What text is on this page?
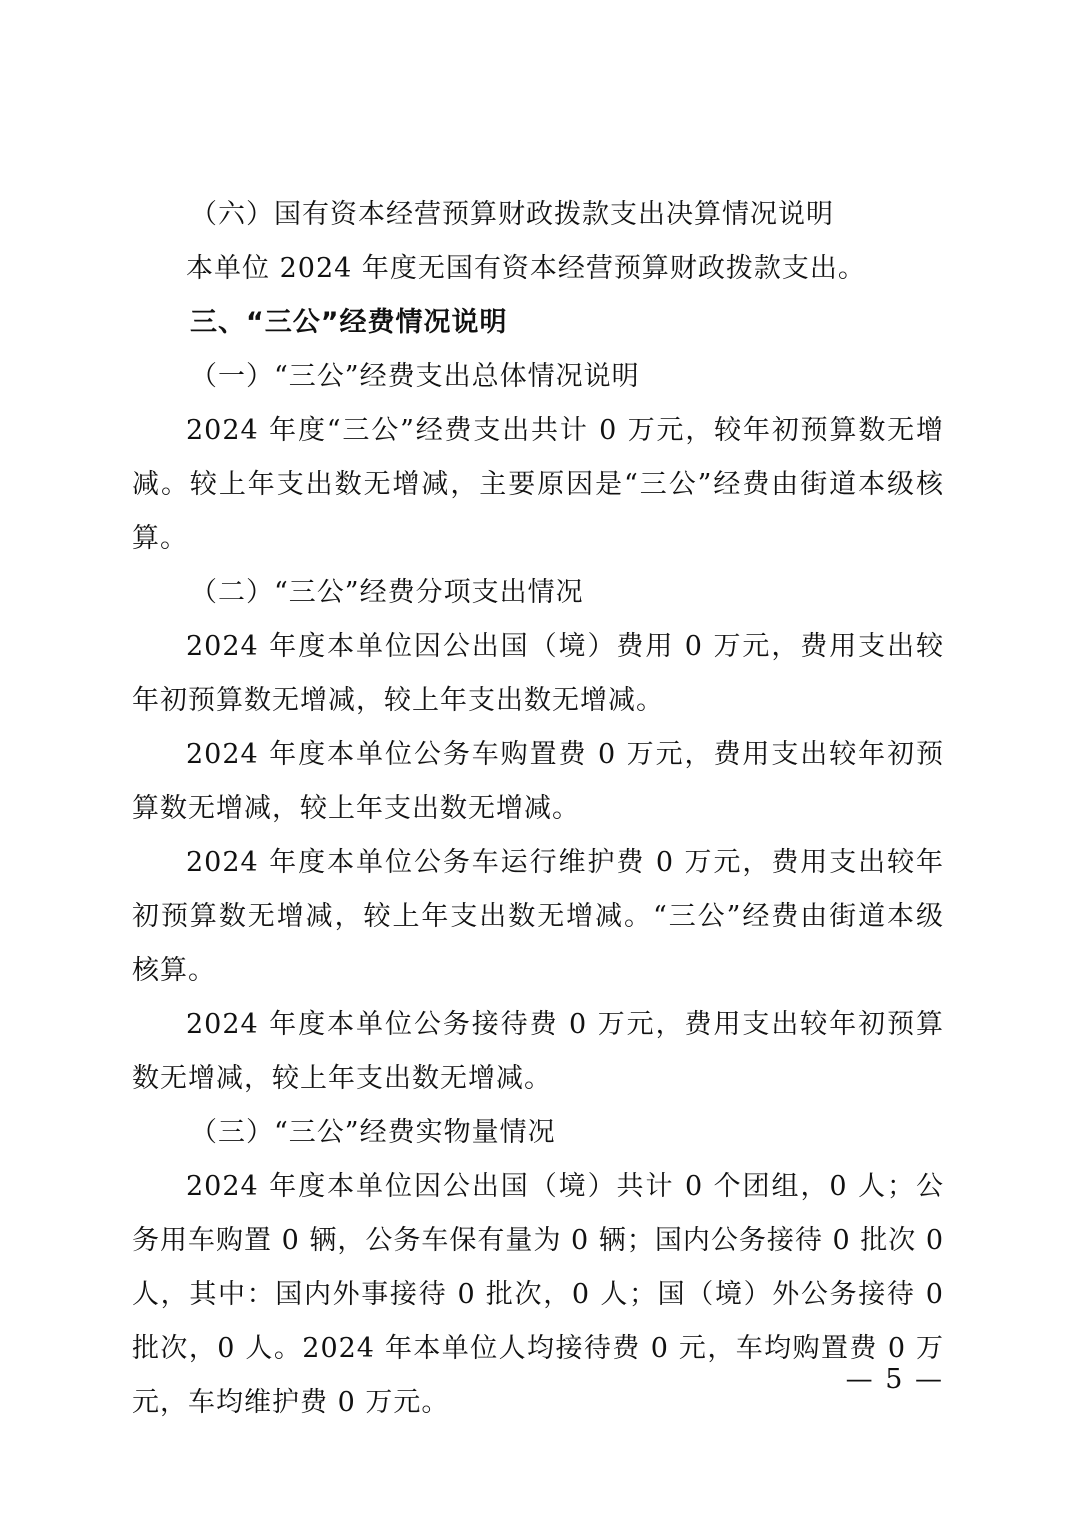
（六）国有资本经营预算财政拨款支出决算情况说明

本单位 2024 年度无国有资本经营预算财政拨款支出。

三、“三公”经费情况说明

（一）“三公”经费支出总体情况说明

2024 年度“三公”经费支出共计 0 万元，较年初预算数无增减。较上年支出数无增减，主要原因是“三公”经费由街道本级核算。

（二）“三公”经费分项支出情况

2024 年度本单位因公出国（境）费用 0 万元，费用支出较年初预算数无增减，较上年支出数无增减。

2024 年度本单位公务车购置费 0 万元，费用支出较年初预算数无增减，较上年支出数无增减。

2024 年度本单位公务车运行维护费 0 万元，费用支出较年初预算数无增减，较上年支出数无增减。“三公”经费由街道本级核算。

2024 年度本单位公务接待费 0 万元，费用支出较年初预算数无增减，较上年支出数无增减。

（三）“三公”经费实物量情况

2024 年度本单位因公出国（境）共计 0 个团组，0 人；公务用车购置 0 辆，公务车保有量为 0 辆；国内公务接待 0 批次 0 人，其中：国内外事接待 0 批次，0 人；国（境）外公务接待 0 批次，0 人。2024 年本单位人均接待费 0 元，车均购置费 0 万元，车均维护费 0 万元。

— 5 —
